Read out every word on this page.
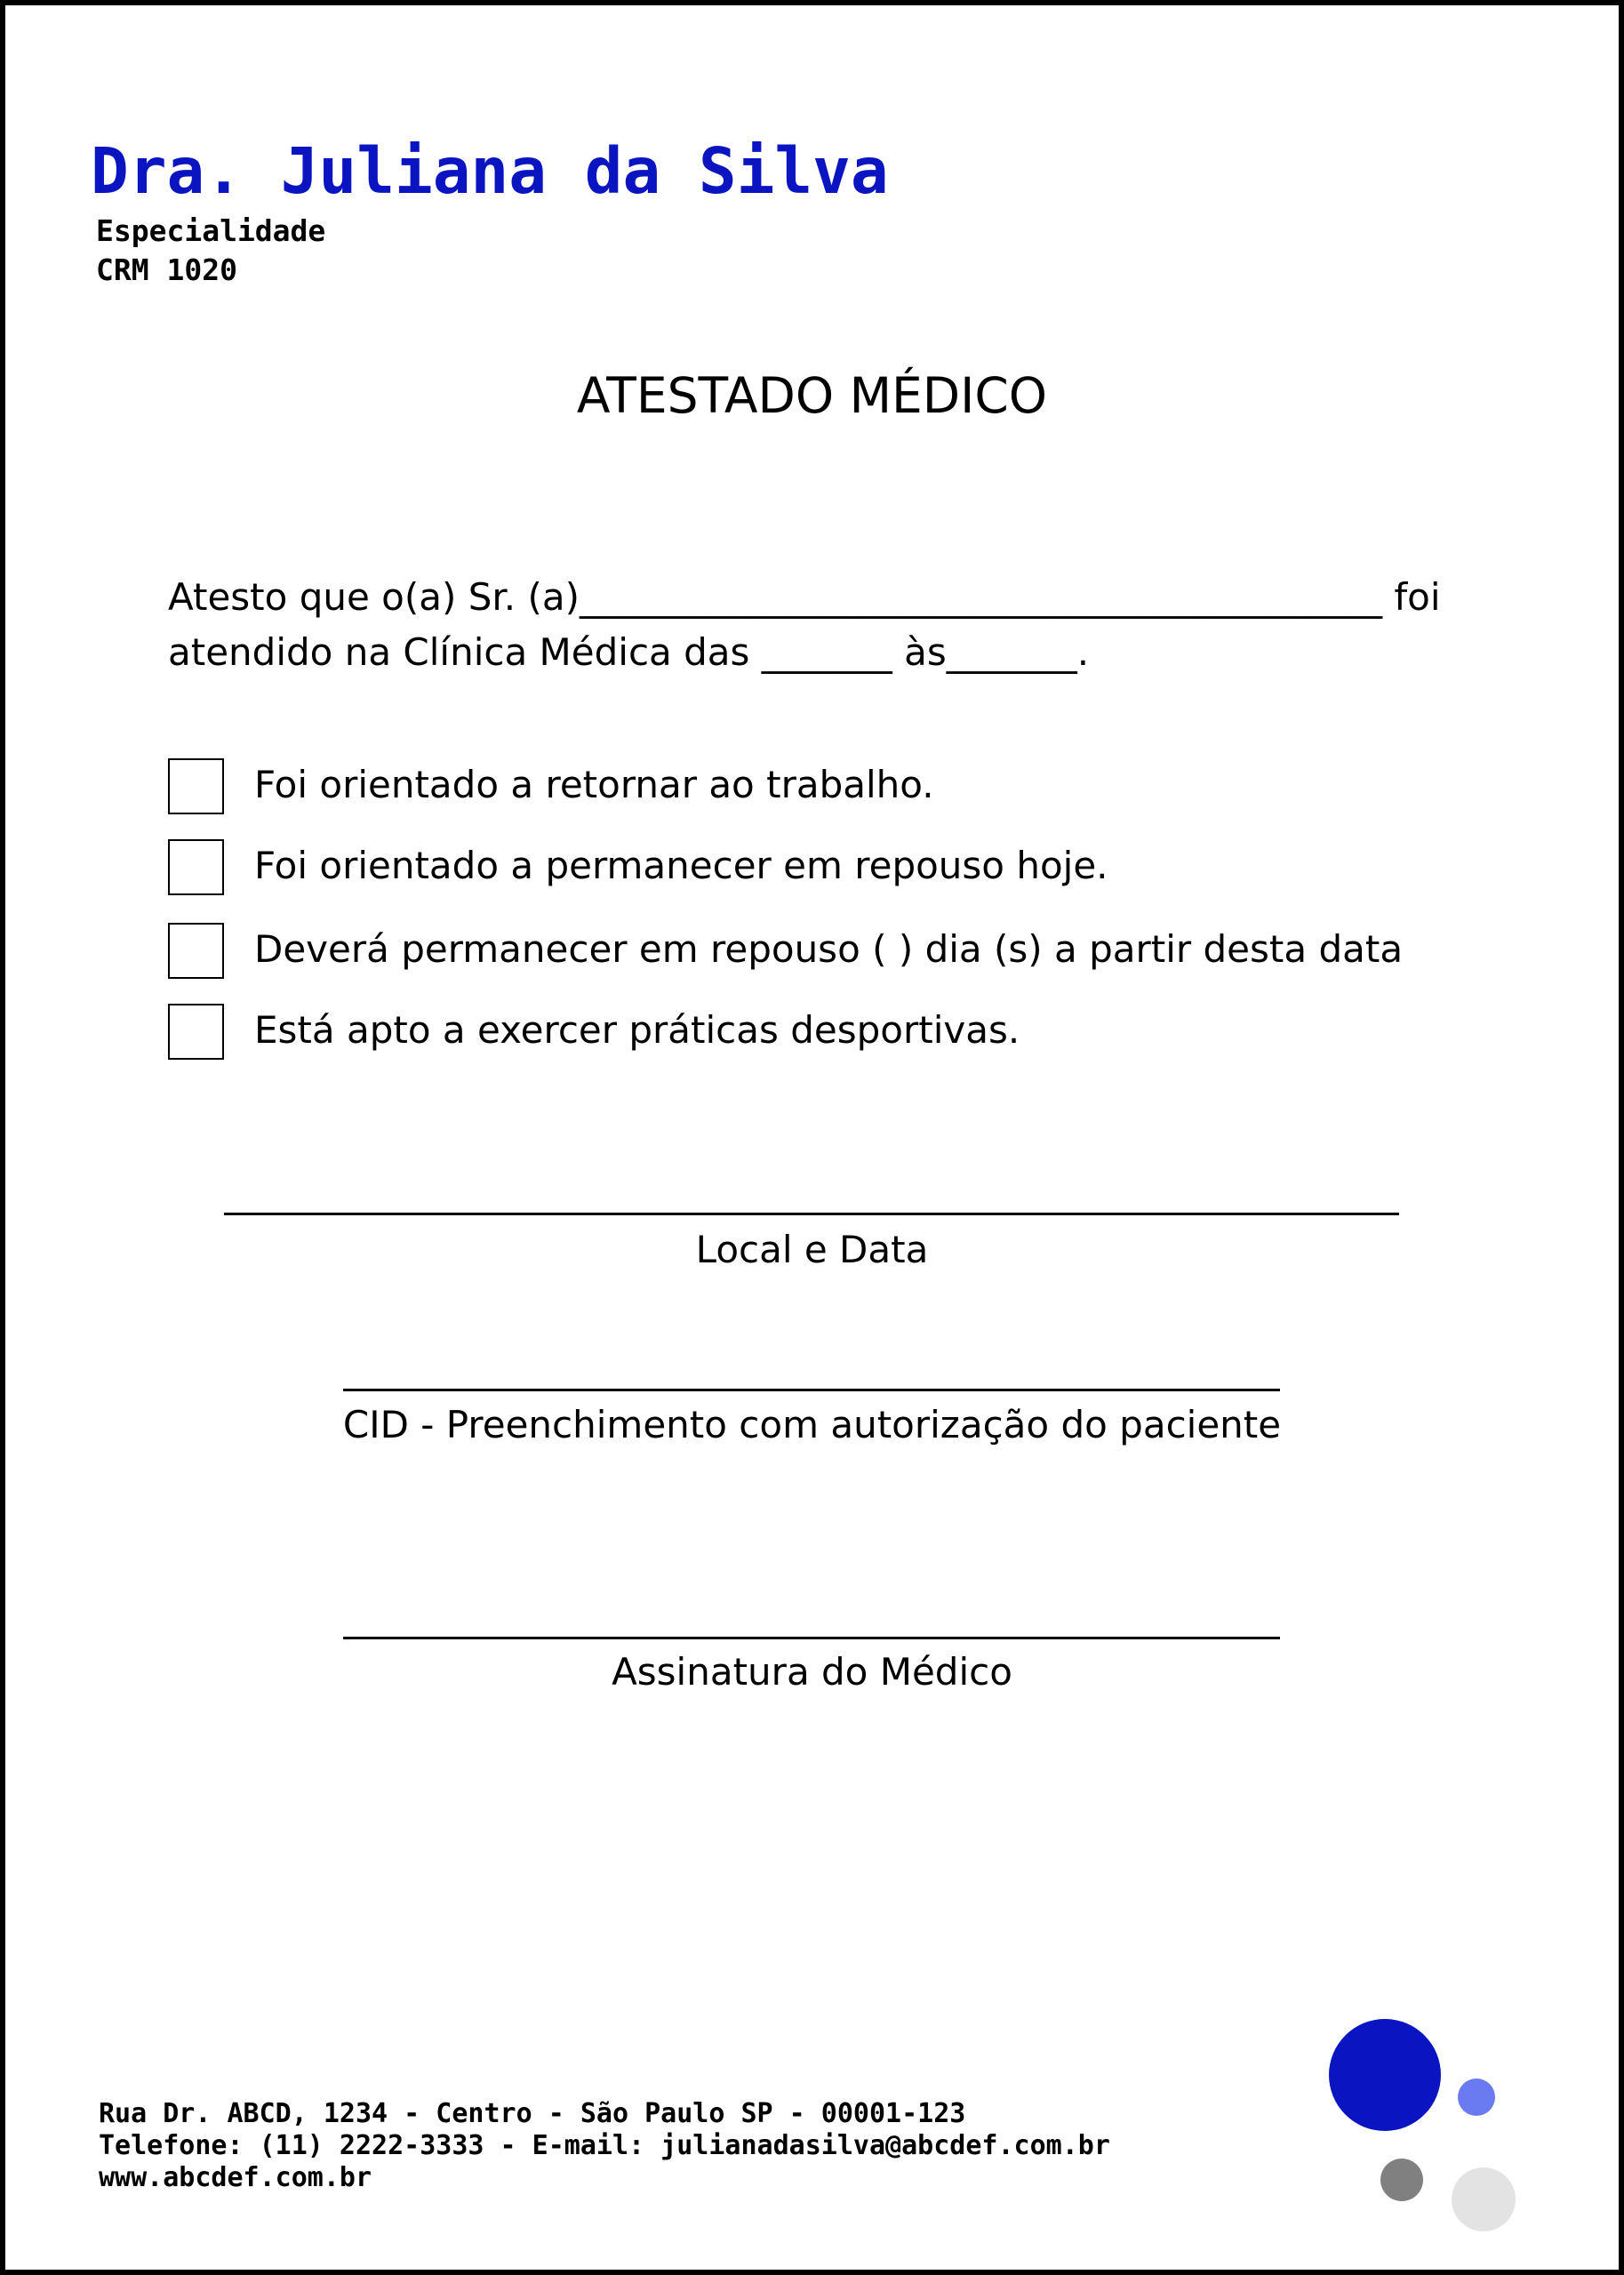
Dra. Juliana da Silva
Especialidade
CRM 1020
ATESTADO MÉDICO
Atesto que o(a) Sr. (a)___________________________________________ foi
atendido na Clínica Médica das _______ às_______.
Foi orientado a retornar ao trabalho.
Foi orientado a permanecer em repouso hoje.
Deverá permanecer em repouso ( ) dia (s) a partir desta data
Está apto a exercer práticas desportivas.
Local e Data
CID - Preenchimento com autorização do paciente
Assinatura do Médico
Rua Dr. ABCD, 1234 - Centro - São Paulo SP - 00001-123
Telefone: (11) 2222-3333 - E-mail: julianadasilva@abcdef.com.br
www.abcdef.com.br
